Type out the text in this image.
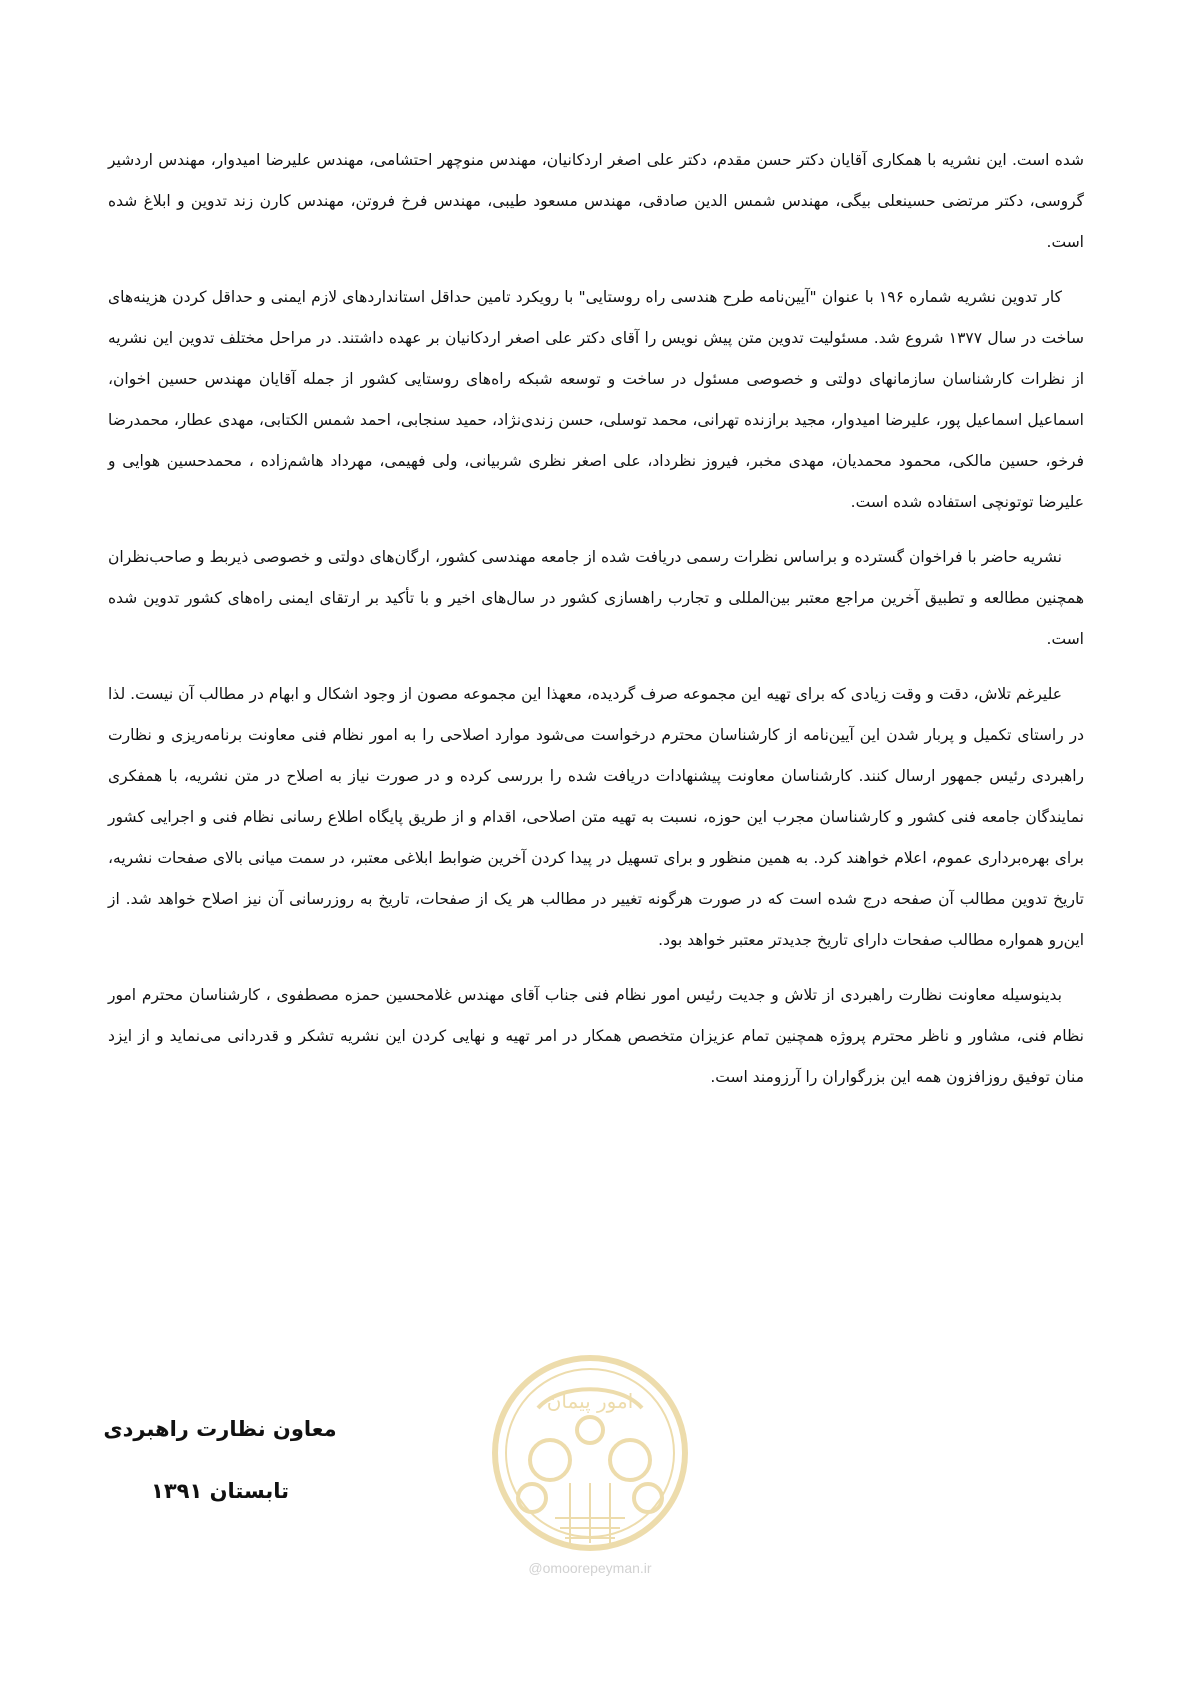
شده است. این نشریه با همکاری آقایان دکتر حسن مقدم، دکتر علی اصغر اردکانیان، مهندس منوچهر احتشامی، مهندس علیرضا امیدوار، مهندس اردشیر گروسی، دکتر مرتضی حسینعلی بیگی، مهندس شمس الدین صادقی، مهندس مسعود طیبی، مهندس فرخ فروتن، مهندس کارن زند تدوین و ابلاغ شده است.

کار تدوین نشریه شماره ۱۹۶ با عنوان "آیین‌نامه طرح هندسی راه روستایی" با رویکرد تامین حداقل استانداردهای لازم ایمنی و حداقل کردن هزینه‌های ساخت در سال ۱۳۷۷ شروع شد. مسئولیت تدوین متن پیش نویس را آقای دکتر علی اصغر اردکانیان بر عهده داشتند. در مراحل مختلف تدوین این نشریه از نظرات کارشناسان سازمانهای دولتی و خصوصی مسئول در ساخت و توسعه شبکه راه‌های روستایی کشور از جمله آقایان مهندس حسین اخوان، اسماعیل اسماعیل پور، علیرضا امیدوار، مجید برازنده تهرانی، محمد توسلی، حسن زندی‌نژاد، حمید سنجابی، احمد شمس الکتابی، مهدی عطار، محمدرضا فرخو، حسین مالکی، محمود محمدیان، مهدی مخبر، فیروز نظرداد، علی اصغر نظری شربیانی، ولی فهیمی، مهرداد هاشم‌زاده ، محمدحسین هوایی و علیرضا توتونچی استفاده شده است.

نشریه حاضر با فراخوان گسترده و براساس نظرات رسمی دریافت شده از جامعه مهندسی کشور، ارگان‌های دولتی و خصوصی ذیربط و صاحب‌نظران همچنین مطالعه و تطبیق آخرین مراجع معتبر بین‌المللی و تجارب راهسازی کشور در سال‌های اخیر و با تأکید بر ارتقای ایمنی راه‌های کشور تدوین شده است.

علیرغم تلاش، دقت و وقت زیادی که برای تهیه این مجموعه صرف گردیده، معهذا این مجموعه مصون از وجود اشکال و ابهام در مطالب آن نیست. لذا در راستای تکمیل و پربار شدن این آیین‌نامه از کارشناسان محترم درخواست می‌شود موارد اصلاحی را به امور نظام فنی معاونت برنامه‌ریزی و نظارت راهبردی رئیس جمهور ارسال کنند. کارشناسان معاونت پیشنهادات دریافت شده را بررسی کرده و در صورت نیاز به اصلاح در متن نشریه، با همفکری نمایندگان جامعه فنی کشور و کارشناسان مجرب این حوزه، نسبت به تهیه متن اصلاحی، اقدام و از طریق پایگاه اطلاع رسانی نظام فنی و اجرایی کشور برای بهره‌برداری عموم، اعلام خواهند کرد. به همین منظور و برای تسهیل در پیدا کردن آخرین ضوابط ابلاغی معتبر، در سمت میانی بالای صفحات نشریه، تاریخ تدوین مطالب آن صفحه درج شده است که در صورت هرگونه تغییر در مطالب هر یک از صفحات، تاریخ به روزرسانی آن نیز اصلاح خواهد شد. از این‌رو همواره مطالب صفحات دارای تاریخ جدیدتر معتبر خواهد بود.

بدینوسیله معاونت نظارت راهبردی از تلاش و جدیت رئیس امور نظام فنی جناب آقای مهندس غلامحسین حمزه مصطفوی ، کارشناسان محترم امور نظام فنی، مشاور و ناظر محترم پروژه همچنین تمام عزیزان متخصص همکار در امر تهیه و نهایی کردن این نشریه تشکر و قدردانی می‌نماید و از ایزد منان توفیق روزافزون همه این بزرگواران را آرزومند است.

امور پیمان
@omoorepeyman.ir
معاون نظارت راهبردی
تابستان ۱۳۹۱
